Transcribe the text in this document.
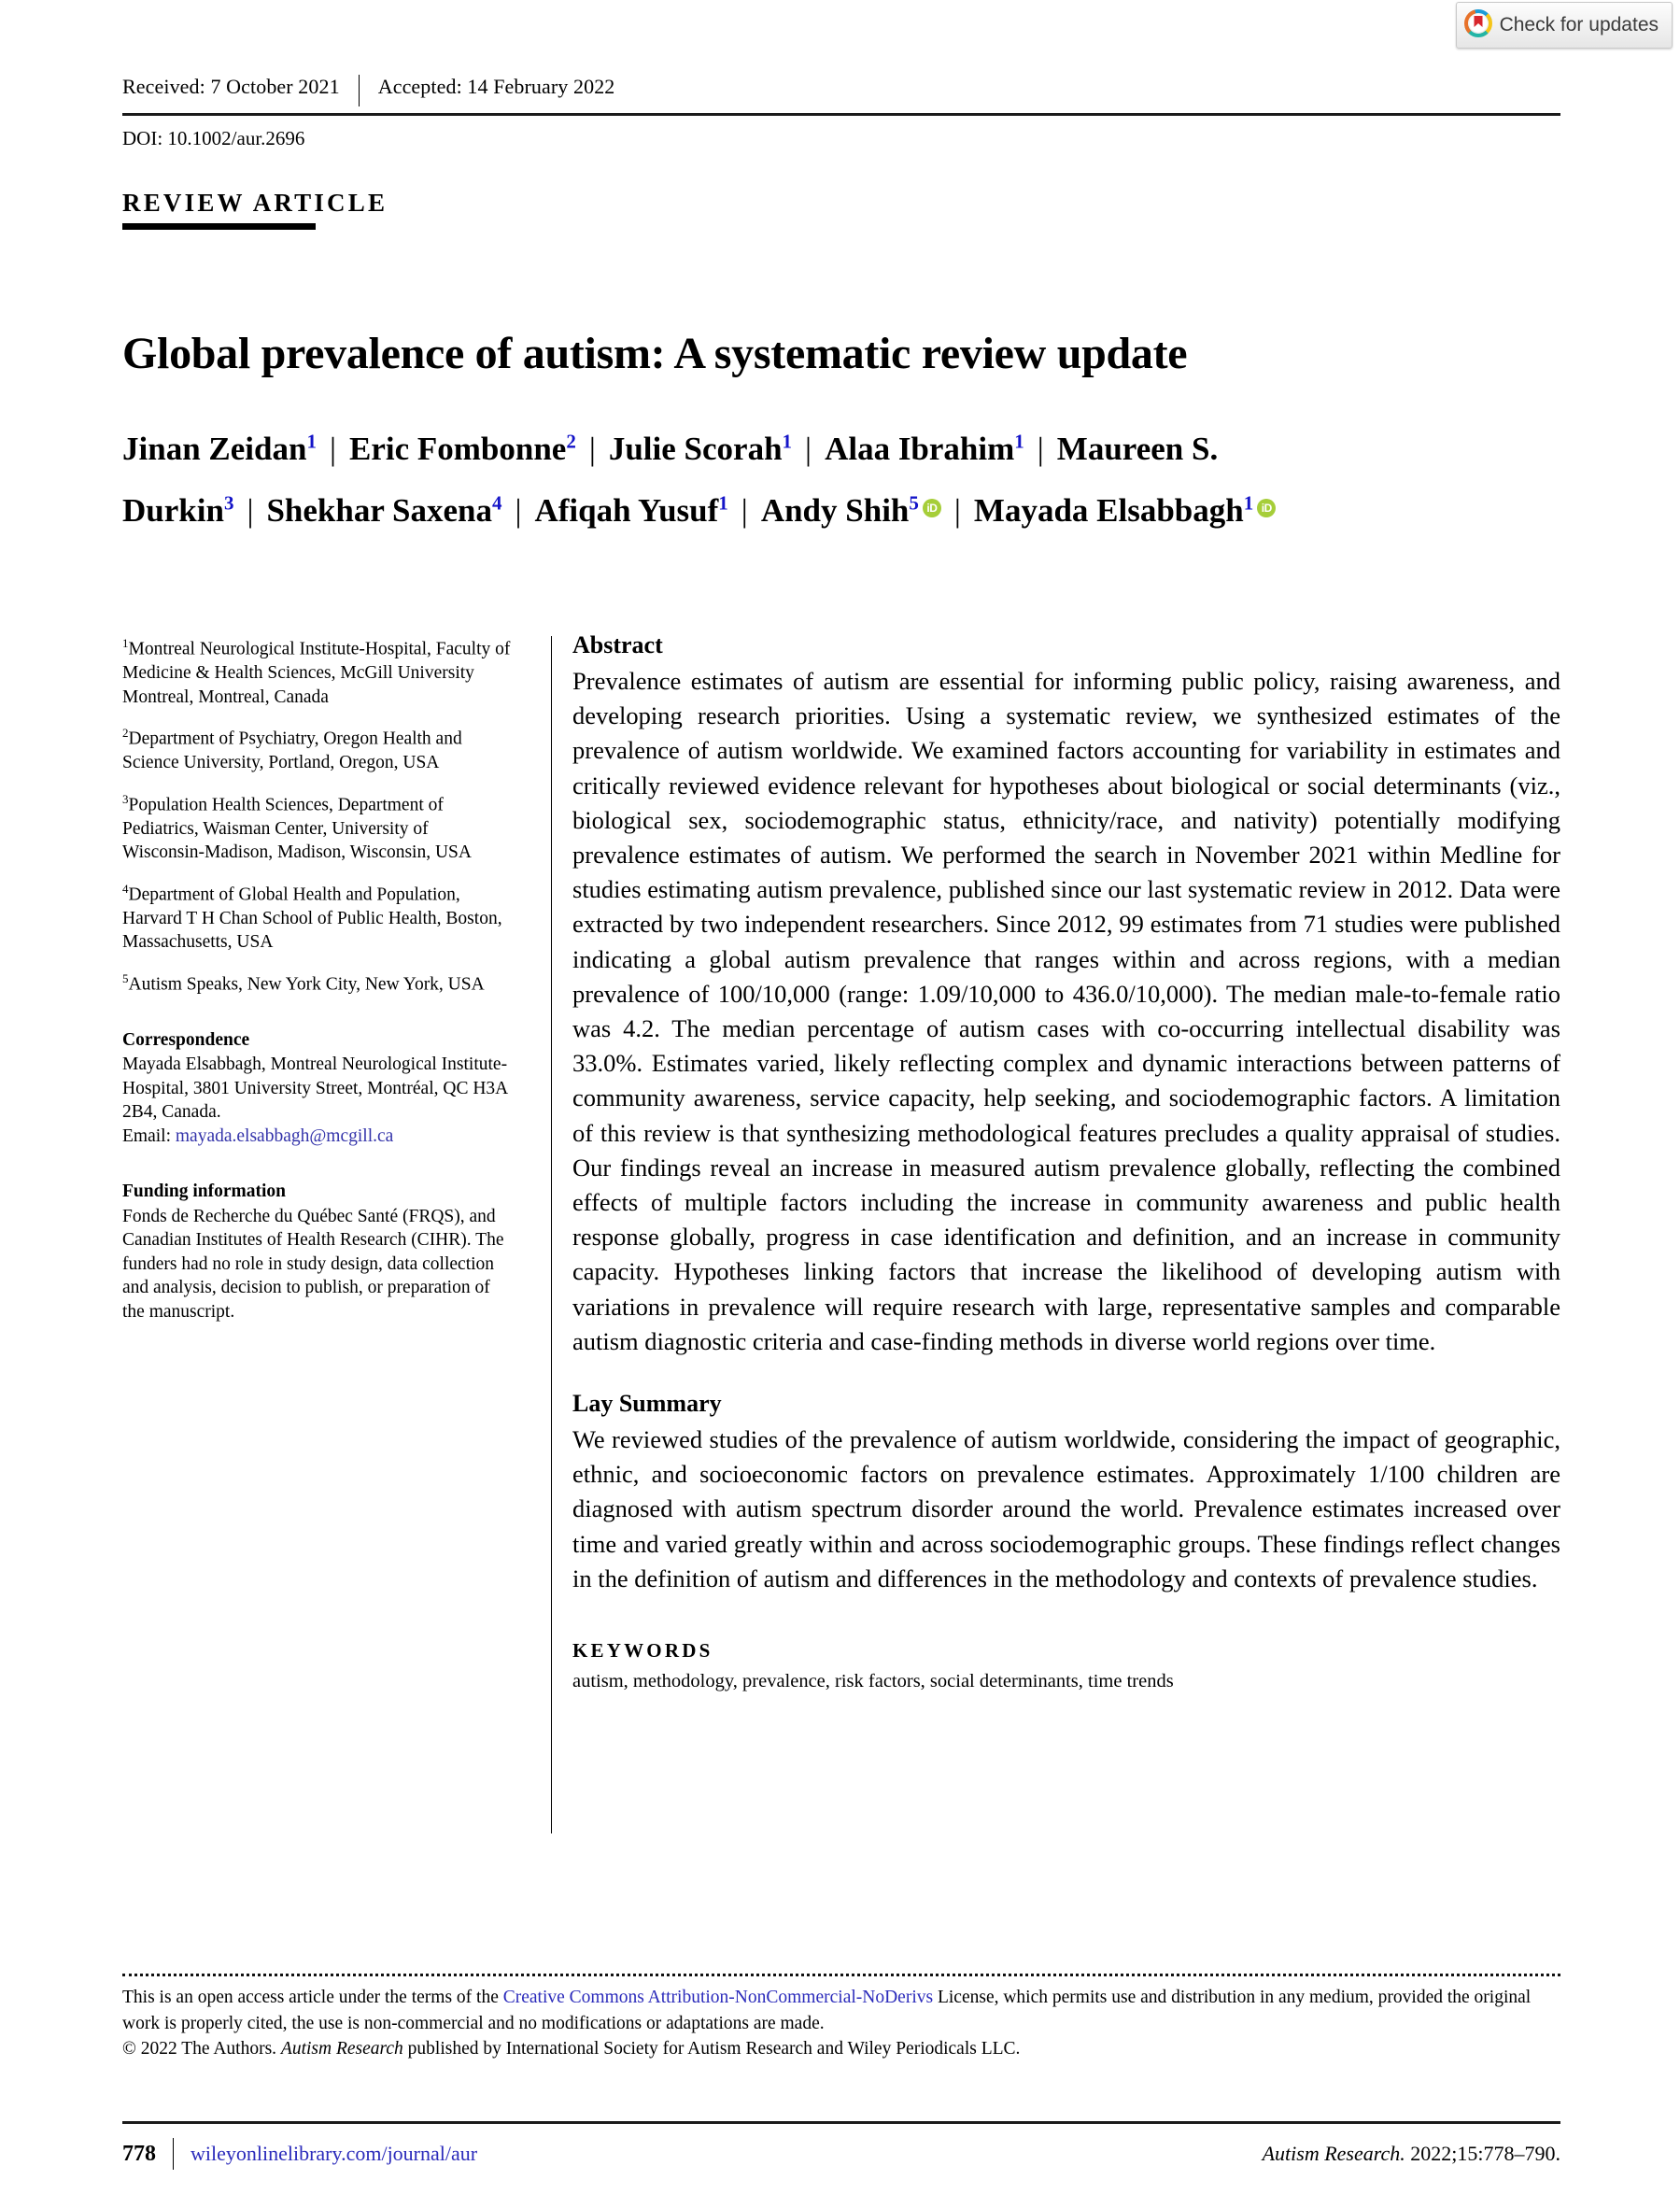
Check for updates
Received: 7 October 2021	Accepted: 14 February 2022
DOI: 10.1002/aur.2696
REVIEW ARTICLE
Global prevalence of autism: A systematic review update
Jinan Zeidan$^1$ | Eric Fombonne$^2$ | Julie Scorah$^1$ | Alaa Ibrahim$^1$ | Maureen S. Durkin$^3$ | Shekhar Saxena$^4$ | Afiqah Yusuf$^1$ | Andy Shih$^5$iD | Mayada Elsabbagh$^1$iD
$^1$Montreal Neurological Institute-Hospital, Faculty of Medicine & Health Sciences, McGill University Montreal, Montreal, Canada
$^2$Department of Psychiatry, Oregon Health and Science University, Portland, Oregon, USA
$^3$Population Health Sciences, Department of Pediatrics, Waisman Center, University of Wisconsin-Madison, Madison, Wisconsin, USA
$^4$Department of Global Health and Population, Harvard T H Chan School of Public Health, Boston, Massachusetts, USA
$^5$Autism Speaks, New York City, New York, USA
Correspondence
Mayada Elsabbagh, Montreal Neurological Institute-Hospital, 3801 University Street, Montréal, QC H3A 2B4, Canada.
Email: mayada.elsabbagh@mcgill.ca
Funding information
Fonds de Recherche du Québec Santé (FRQS), and Canadian Institutes of Health Research (CIHR). The funders had no role in study design, data collection and analysis, decision to publish, or preparation of the manuscript.
Abstract
Prevalence estimates of autism are essential for informing public policy, raising awareness, and developing research priorities. Using a systematic review, we synthesized estimates of the prevalence of autism worldwide. We examined factors accounting for variability in estimates and critically reviewed evidence relevant for hypotheses about biological or social determinants (viz., biological sex, sociodemographic status, ethnicity/race, and nativity) potentially modifying prevalence estimates of autism. We performed the search in November 2021 within Medline for studies estimating autism prevalence, published since our last systematic review in 2012. Data were extracted by two independent researchers. Since 2012, 99 estimates from 71 studies were published indicating a global autism prevalence that ranges within and across regions, with a median prevalence of 100/10,000 (range: 1.09/10,000 to 436.0/10,000). The median male-to-female ratio was 4.2. The median percentage of autism cases with co-occurring intellectual disability was 33.0%. Estimates varied, likely reflecting complex and dynamic interactions between patterns of community awareness, service capacity, help seeking, and sociodemographic factors. A limitation of this review is that synthesizing methodological features precludes a quality appraisal of studies. Our findings reveal an increase in measured autism prevalence globally, reflecting the combined effects of multiple factors including the increase in community awareness and public health response globally, progress in case identification and definition, and an increase in community capacity. Hypotheses linking factors that increase the likelihood of developing autism with variations in prevalence will require research with large, representative samples and comparable autism diagnostic criteria and case-finding methods in diverse world regions over time.
Lay Summary
We reviewed studies of the prevalence of autism worldwide, considering the impact of geographic, ethnic, and socioeconomic factors on prevalence estimates. Approximately 1/100 children are diagnosed with autism spectrum disorder around the world. Prevalence estimates increased over time and varied greatly within and across sociodemographic groups. These findings reflect changes in the definition of autism and differences in the methodology and contexts of prevalence studies.
KEYWORDS
autism, methodology, prevalence, risk factors, social determinants, time trends
This is an open access article under the terms of the Creative Commons Attribution-NonCommercial-NoDerivs License, which permits use and distribution in any medium, provided the original work is properly cited, the use is non-commercial and no modifications or adaptations are made.
© 2022 The Authors. Autism Research published by International Society for Autism Research and Wiley Periodicals LLC.
778	wileyonlinelibrary.com/journal/aur	Autism Research. 2022;15:778–790.
